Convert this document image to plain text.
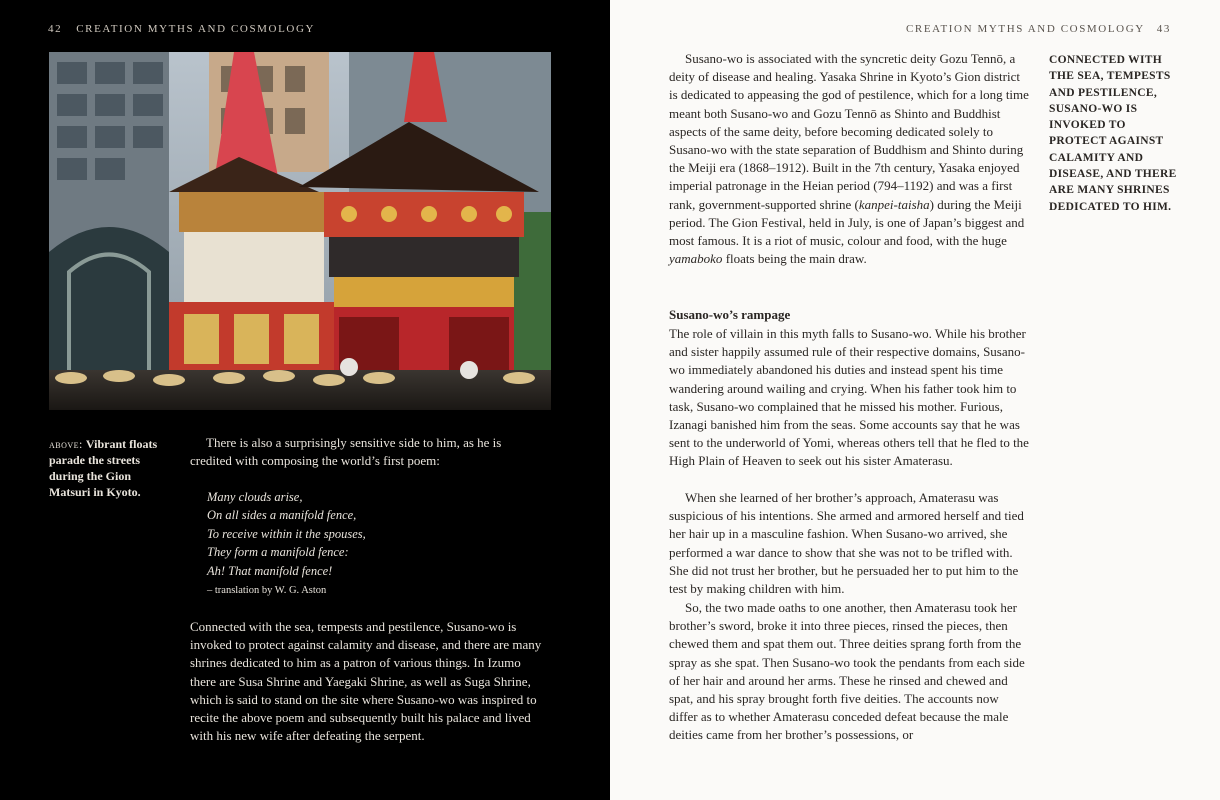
42 CREATION MYTHS AND COSMOLOGY
above: Vibrant floats parade the streets during the Gion Matsuri in Kyoto.

There is also a surprisingly sensitive side to him, as he is credited with composing the world’s first poem:

Many clouds arise,
On all sides a manifold fence,
To receive within it the spouses,
They form a manifold fence:
Ah! That manifold fence!
– translation by W. G. Aston

Connected with the sea, tempests and pestilence, Susano-wo is invoked to protect against calamity and disease, and there are many shrines dedicated to him as a patron of various things. In Izumo there are Susa Shrine and Yaegaki Shrine, as well as Suga Shrine, which is said to stand on the site where Susano-wo was inspired to recite the above poem and subsequently built his palace and lived with his new wife after defeating the serpent.

CREATION MYTHS AND COSMOLOGY 43

Susano-wo is associated with the syncretic deity Gozu Tennō, a deity of disease and healing. Yasaka Shrine in Kyoto’s Gion district is dedicated to appeasing the god of pestilence, which for a long time meant both Susano-wo and Gozu Tennō as Shinto and Buddhist aspects of the same deity, before becoming dedicated solely to Susano-wo with the state separation of Buddhism and Shinto during the Meiji era (1868–1912). Built in the 7th century, Yasaka enjoyed imperial patronage in the Heian period (794–1192) and was a first rank, government-supported shrine (kanpei-taisha) during the Meiji period. The Gion Festival, held in July, is one of Japan’s biggest and most famous. It is a riot of music, colour and food, with the huge yamaboko floats being the main draw.

Susano-wo’s rampage

The role of villain in this myth falls to Susano-wo. While his brother and sister happily assumed rule of their respective domains, Susano-wo immediately abandoned his duties and instead spent his time wandering around wailing and crying. When his father took him to task, Susano-wo complained that he missed his mother. Furious, Izanagi banished him from the seas. Some accounts say that he was sent to the underworld of Yomi, whereas others tell that he fled to the High Plain of Heaven to seek out his sister Amaterasu.

When she learned of her brother’s approach, Amaterasu was suspicious of his intentions. She armed and armored herself and tied her hair up in a masculine fashion. When Susano-wo arrived, she performed a war dance to show that she was not to be trifled with. She did not trust her brother, but he persuaded her to put him to the test by making children with him.

So, the two made oaths to one another, then Amaterasu took her brother’s sword, broke it into three pieces, rinsed the pieces, then chewed them and spat them out. Three deities sprang forth from the spray as she spat. Then Susano-wo took the pendants from each side of her hair and around her arms. These he rinsed and chewed and spat, and his spray brought forth five deities. The accounts now differ as to whether Amaterasu conceded defeat because the male deities came from her brother’s possessions, or

CONNECTED WITH THE SEA, TEMPESTS AND PESTILENCE, SUSANO-WO IS INVOKED TO PROTECT AGAINST CALAMITY AND DISEASE, AND THERE ARE MANY SHRINES DEDICATED TO HIM.
